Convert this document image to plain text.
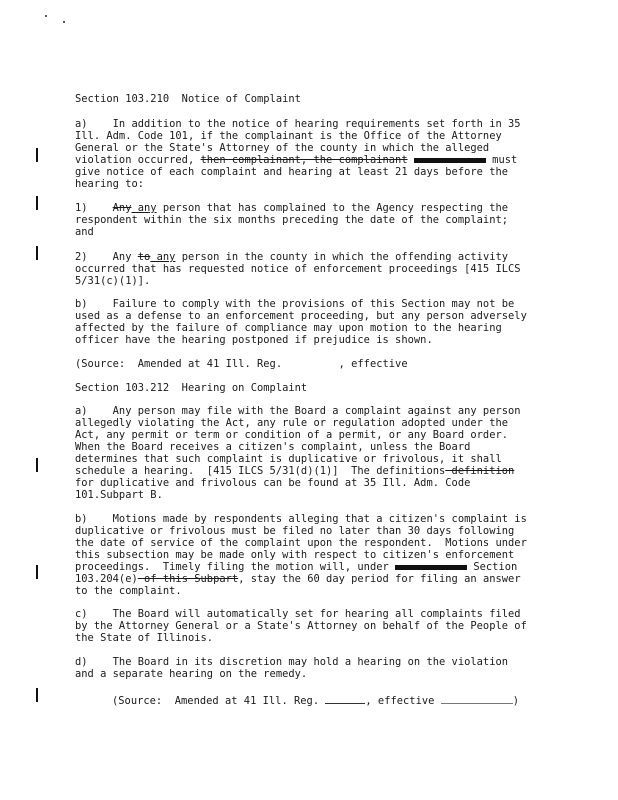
Section 103.210  Notice of Complaint
a)    In addition to the notice of hearing requirements set forth in 35
Ill. Adm. Code 101, if the complainant is the Office of the Attorney
General or the State's Attorney of the county in which the alleged
violation occurred, then complainant, the complainant	must
give notice of each complaint and hearing at least 21 days before the
hearing to:
1)    Any any person that has complained to the Agency respecting the
respondent within the six months preceding the date of the complaint;
and
2)    Any to any person in the county in which the offending activity
occurred that has requested notice of enforcement proceedings [415 ILCS
5/31(c)(1)].
b)    Failure to comply with the provisions of this Section may not be
used as a defense to an enforcement proceeding, but any person adversely
affected by the failure of compliance may upon motion to the hearing
officer have the hearing postponed if prejudice is shown.
(Source:  Amended at 41 Ill. Reg.         , effective
Section 103.212  Hearing on Complaint
a)    Any person may file with the Board a complaint against any person
allegedly violating the Act, any rule or regulation adopted under the
Act, any permit or term or condition of a permit, or any Board order.
When the Board receives a citizen's complaint, unless the Board
determines that such complaint is duplicative or frivolous, it shall
schedule a hearing.  [415 ILCS 5/31(d)(1)]  The definitions definition
for duplicative and frivolous can be found at 35 Ill. Adm. Code
101.Subpart B.
b)    Motions made by respondents alleging that a citizen's complaint is
duplicative or frivolous must be filed no later than 30 days following
the date of service of the complaint upon the respondent.  Motions under
this subsection may be made only with respect to citizen's enforcement
proceedings.  Timely filing the motion will, under	Section
103.204(e) of this Subpart, stay the 60 day period for filing an answer
to the complaint.
c)    The Board will automatically set for hearing all complaints filed
by the Attorney General or a State's Attorney on behalf of the People of
the State of Illinois.
d)    The Board in its discretion may hold a hearing on the violation
and a separate hearing on the remedy.
(Source:  Amended at 41 Ill. Reg.	, effective	)
